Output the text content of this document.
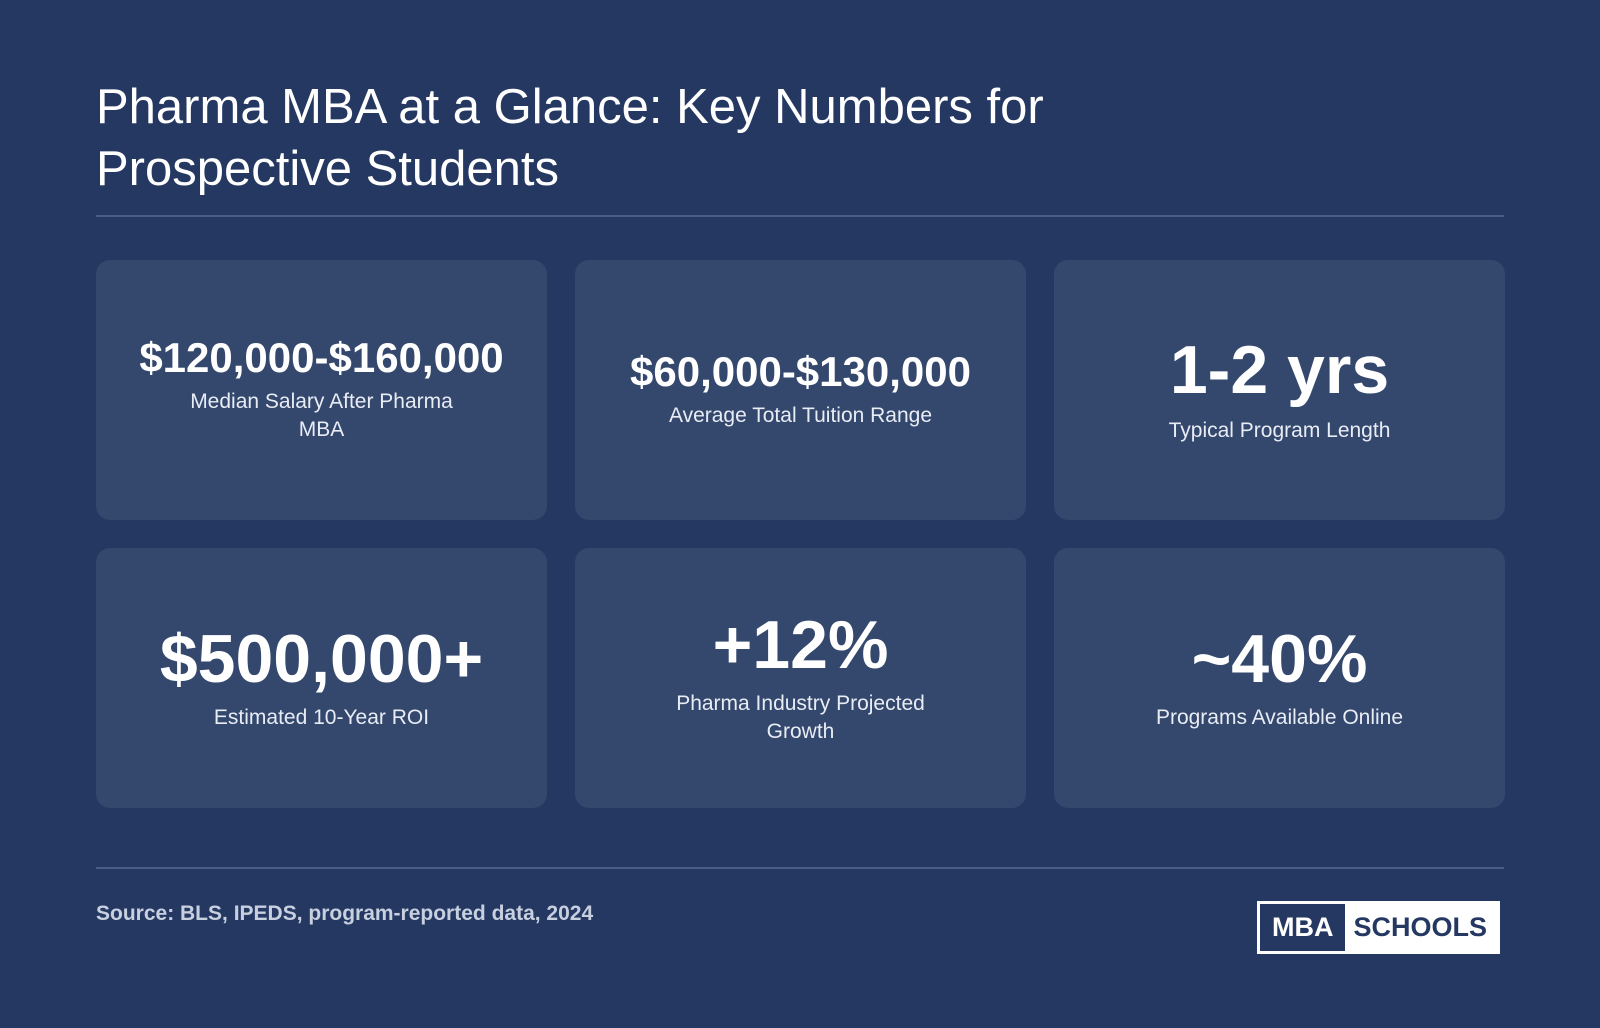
Pharma MBA at a Glance: Key Numbers for Prospective Students
$120,000-$160,000
Median Salary After Pharma MBA
$60,000-$130,000
Average Total Tuition Range
1-2 yrs
Typical Program Length
$500,000+
Estimated 10-Year ROI
+12%
Pharma Industry Projected Growth
~40%
Programs Available Online
Source: BLS, IPEDS, program-reported data, 2024	MBA SCHOOLS
